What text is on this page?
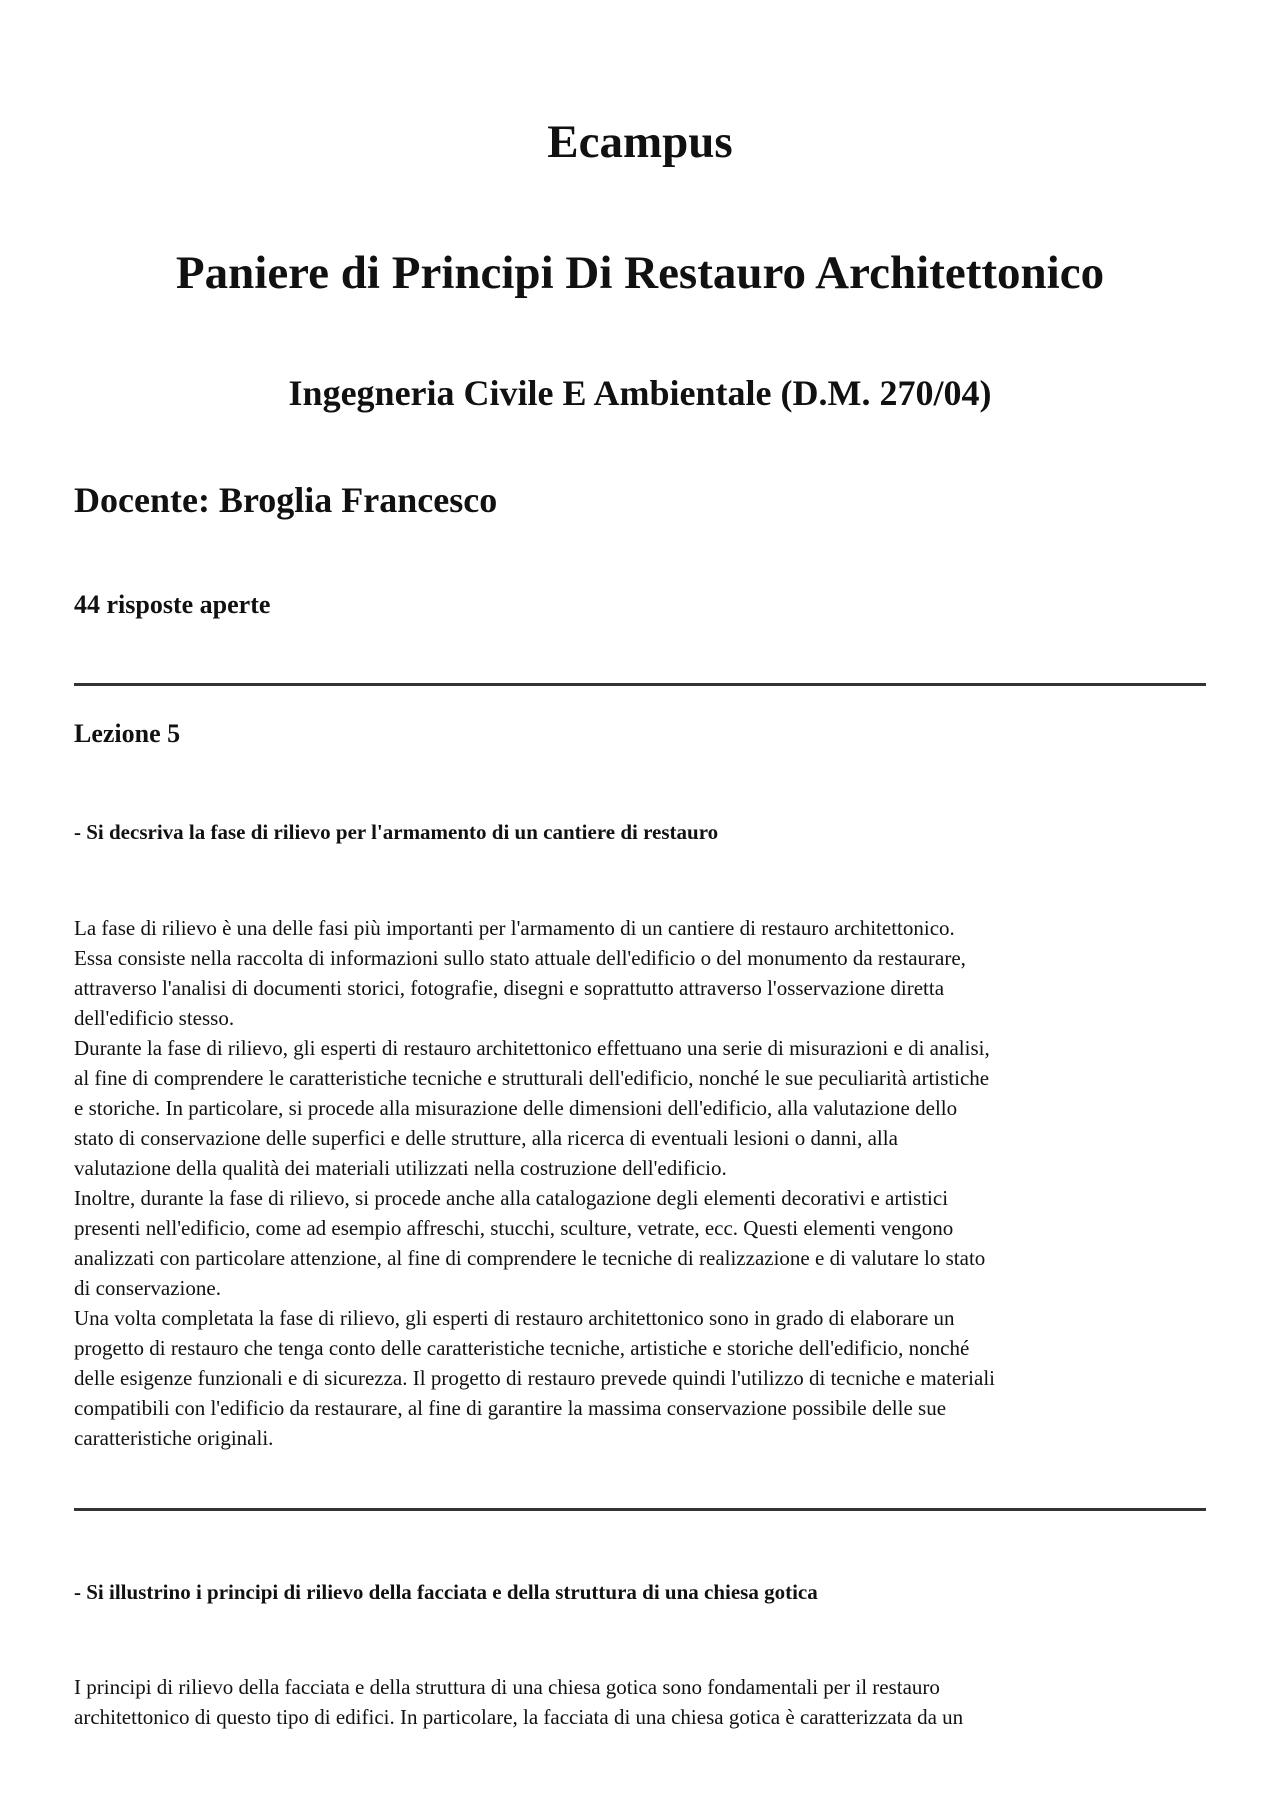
Ecampus
Paniere di Principi Di Restauro Architettonico
Ingegneria Civile E Ambientale (D.M. 270/04)
Docente: Broglia Francesco
44 risposte aperte
Lezione 5

- Si decsriva la fase di rilievo per l'armamento di un cantiere di restauro

La fase di rilievo è una delle fasi più importanti per l'armamento di un cantiere di restauro architettonico.
Essa consiste nella raccolta di informazioni sullo stato attuale dell'edificio o del monumento da restaurare,
attraverso l'analisi di documenti storici, fotografie, disegni e soprattutto attraverso l'osservazione diretta
dell'edificio stesso.
Durante la fase di rilievo, gli esperti di restauro architettonico effettuano una serie di misurazioni e di analisi,
al fine di comprendere le caratteristiche tecniche e strutturali dell'edificio, nonché le sue peculiarità artistiche
e storiche. In particolare, si procede alla misurazione delle dimensioni dell'edificio, alla valutazione dello
stato di conservazione delle superfici e delle strutture, alla ricerca di eventuali lesioni o danni, alla
valutazione della qualità dei materiali utilizzati nella costruzione dell'edificio.
Inoltre, durante la fase di rilievo, si procede anche alla catalogazione degli elementi decorativi e artistici
presenti nell'edificio, come ad esempio affreschi, stucchi, sculture, vetrate, ecc. Questi elementi vengono
analizzati con particolare attenzione, al fine di comprendere le tecniche di realizzazione e di valutare lo stato
di conservazione.
Una volta completata la fase di rilievo, gli esperti di restauro architettonico sono in grado di elaborare un
progetto di restauro che tenga conto delle caratteristiche tecniche, artistiche e storiche dell'edificio, nonché
delle esigenze funzionali e di sicurezza. Il progetto di restauro prevede quindi l'utilizzo di tecniche e materiali
compatibili con l'edificio da restaurare, al fine di garantire la massima conservazione possibile delle sue
caratteristiche originali.

- Si illustrino i principi di rilievo della facciata e della struttura di una chiesa gotica

I principi di rilievo della facciata e della struttura di una chiesa gotica sono fondamentali per il restauro
architettonico di questo tipo di edifici. In particolare, la facciata di una chiesa gotica è caratterizzata da un
